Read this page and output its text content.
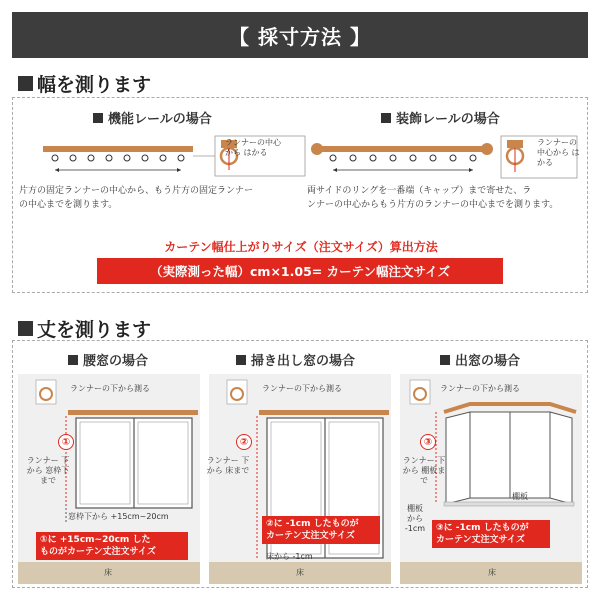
【 採寸方法 】
幅を測ります
機能レールの場合	装飾レールの場合
ランナーの中心から はかる
ランナーの中心から はかる
片方の固定ランナーの中心から、もう片方の固定ランナー
の中心までを測ります。
両サイドのリングを一番端（キャップ）まで寄せた、ラ
ンナーの中心からもう片方のランナーの中心までを測ります。
カーテン幅仕上がりサイズ（注文サイズ）算出方法
（実際測った幅）cm×1.05= カーテン幅注文サイズ
丈を測ります
腰窓の場合	掃き出し窓の場合	出窓の場合
ランナーの下から測る
①
ランナー 下から 窓枠下まで
窓枠下から +15cm~20cm
①に +15cm~20cm した
ものがカーテン丈注文サイズ
床
ランナーの下から測る
②
ランナー 下から 床まで
②に -1cm したものが
カーテン丈注文サイズ
床から -1cm
床
ランナーの下から測る
③
ランナー 下から 棚板まで
棚板
棚板 から -1cm	③に -1cm したものが
カーテン丈注文サイズ
床
